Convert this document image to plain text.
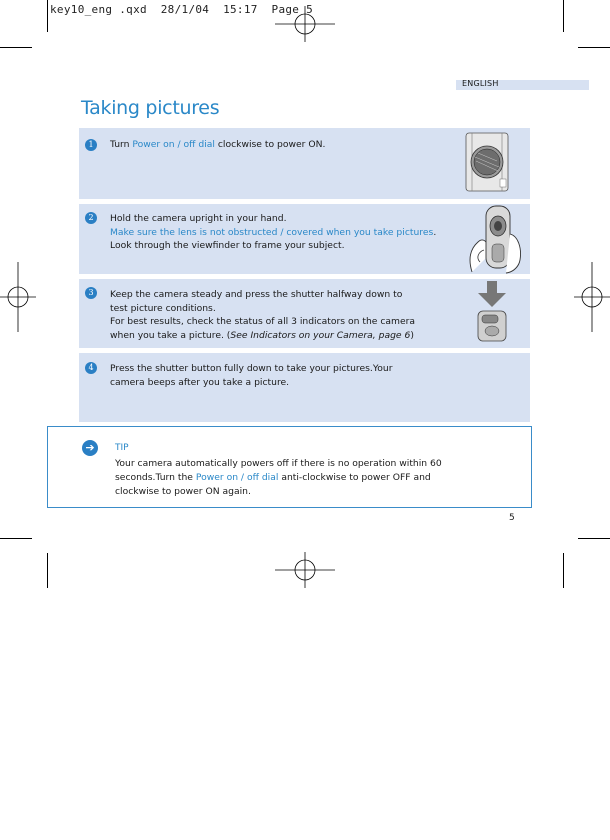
key10_eng .qxd  28/1/04  15:17  Page 5
ENGLISH
Taking pictures
1	Turn Power on / off dial clockwise to power ON.
2	Hold the camera upright in your hand.
Make sure the lens is not obstructed / covered when you take pictures.
Look through the viewfinder to frame your subject.
3	Keep the camera steady and press the shutter halfway down to
test picture conditions.
For best results, check the status of all 3 indicators on the camera
when you take a picture. (See Indicators on your Camera, page 6)
4	Press the shutter button fully down to take your pictures.Your
camera beeps after you take a picture.
➔	TIP
Your camera automatically powers off if there is no operation within 60
seconds.Turn the Power on / off dial anti-clockwise to power OFF and
clockwise to power ON again.
5
